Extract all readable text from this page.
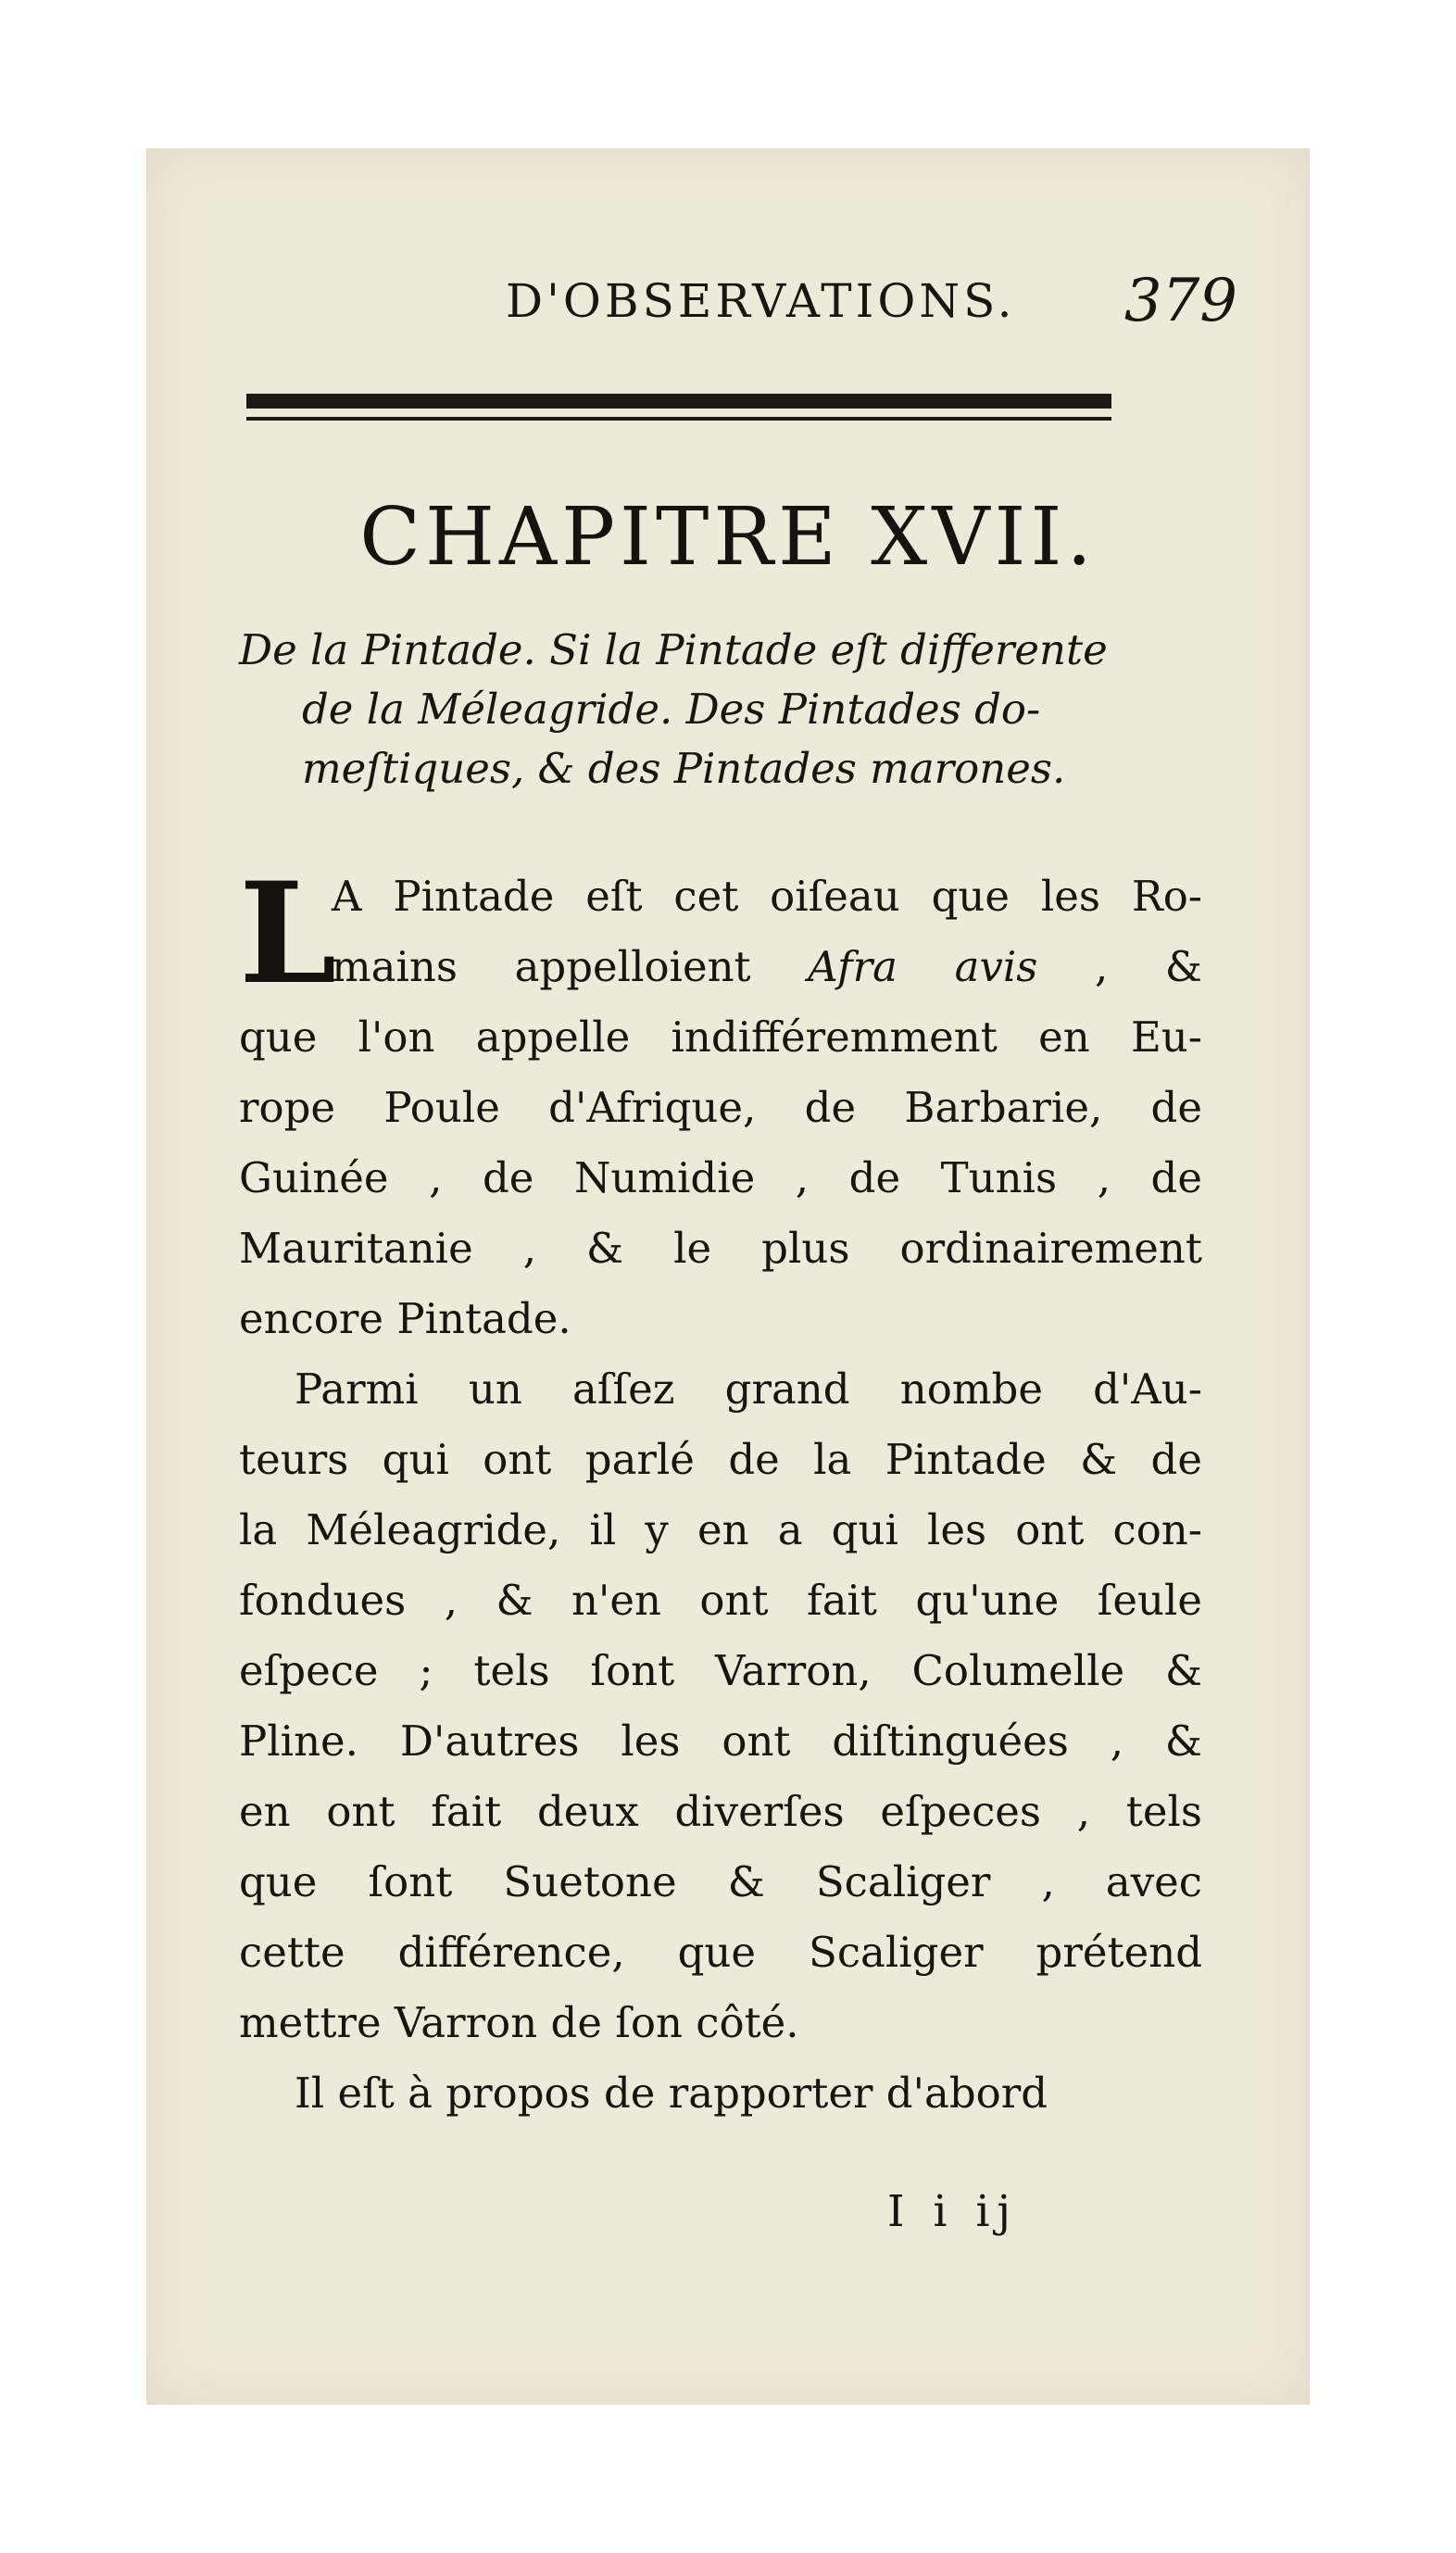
D'OBSERVATIONS. 379
CHAPITRE XVII.
De la Pintade. Si la Pintade eſt differente
de la Méleagride. Des Pintades do-
meſtiques, & des Pintades marones.
L
A Pintade eſt cet oiſeau que les Ro-
mains appelloient Afra avis , &
que l'on appelle indifféremment en Eu-
rope Poule d'Afrique, de Barbarie, de
Guinée , de Numidie , de Tunis , de
Mauritanie , & le plus ordinairement
encore Pintade.
Parmi un aſſez grand nombe d'Au-
teurs qui ont parlé de la Pintade & de
la Méleagride, il y en a qui les ont con-
fondues , & n'en ont fait qu'une ſeule
eſpece ; tels ſont Varron, Columelle &
Pline. D'autres les ont diſtinguées , &
en ont fait deux diverſes eſpeces , tels
que ſont Suetone & Scaliger , avec
cette différence, que Scaliger prétend
mettre Varron de ſon côté.
Il eſt à propos de rapporter d'abord
I i ij
